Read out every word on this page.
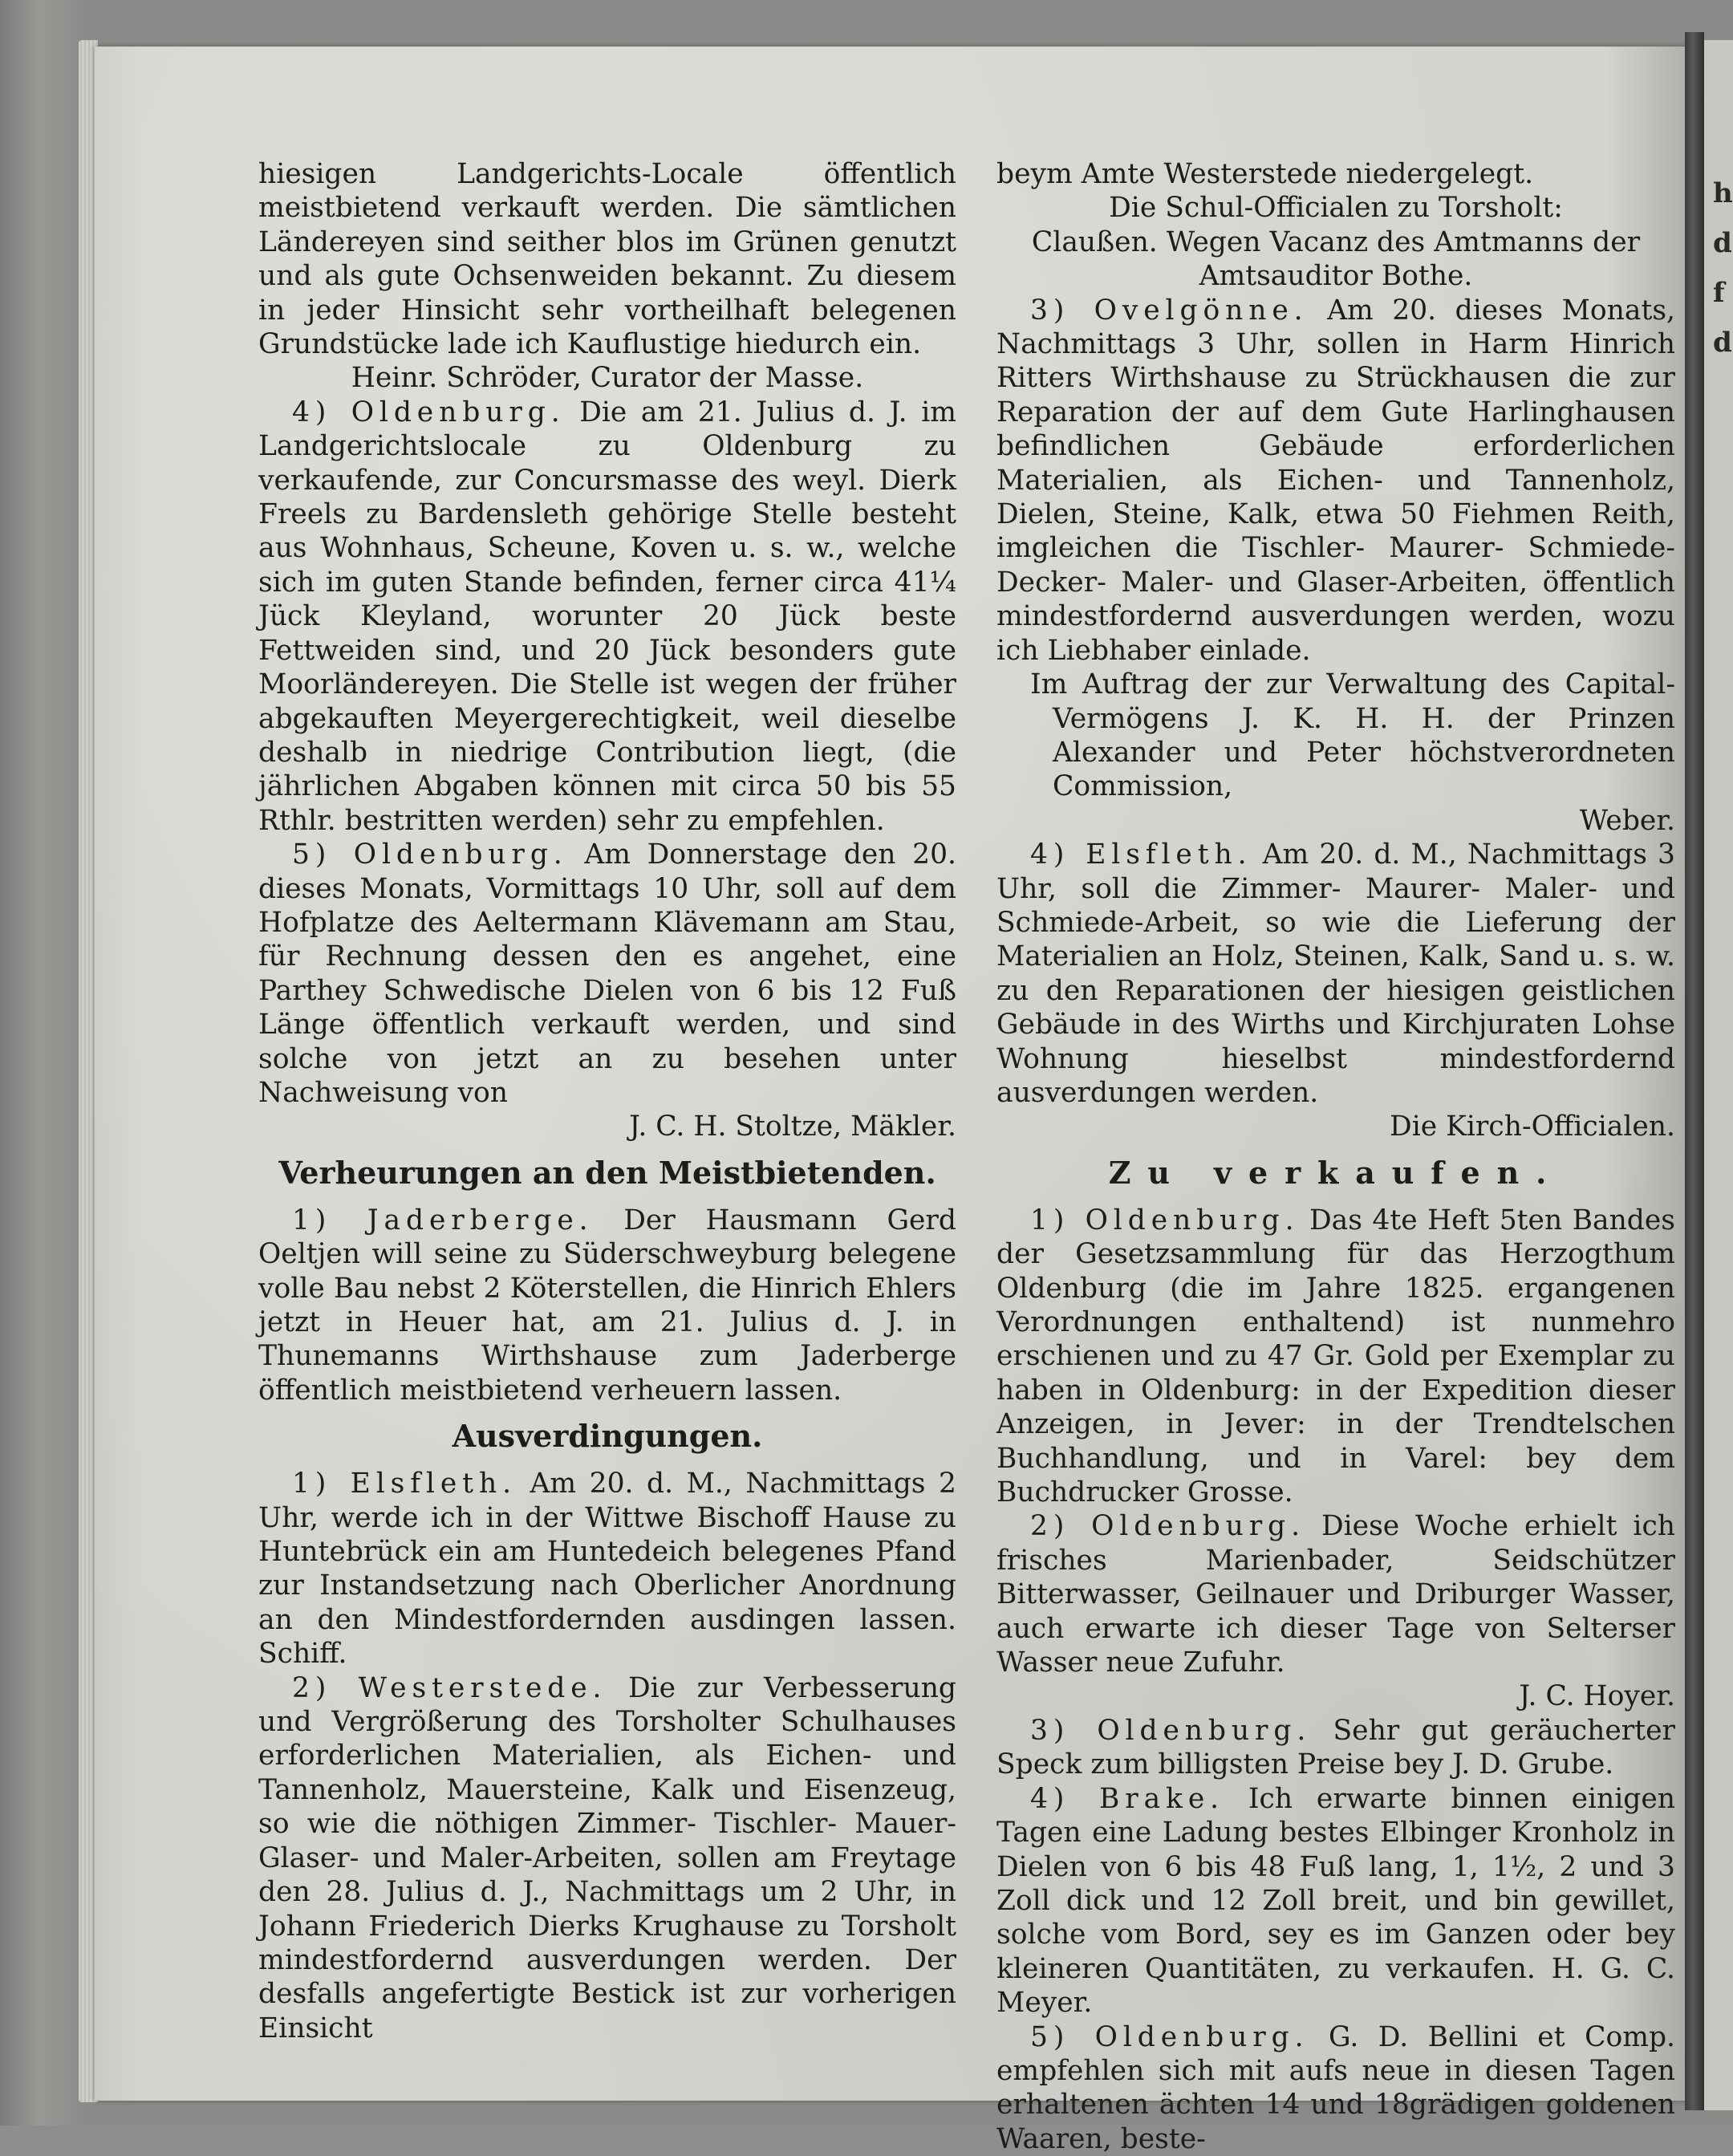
h
d
f
d

hiesigen Landgerichts-Locale öffentlich meistbietend verkauft werden. Die sämtlichen Ländereyen sind seither blos im Grünen genutzt und als gute Ochsenweiden bekannt. Zu diesem in jeder Hinsicht sehr vortheilhaft belegenen Grundstücke lade ich Kauflustige hiedurch ein.

Heinr. Schröder, Curator der Masse.

4) Oldenburg. Die am 21. Julius d. J. im Landgerichtslocale zu Oldenburg zu verkaufende, zur Concursmasse des weyl. Dierk Freels zu Bardensleth gehörige Stelle besteht aus Wohnhaus, Scheune, Koven u. s. w., welche sich im guten Stande befinden, ferner circa 41¼ Jück Kleyland, worunter 20 Jück beste Fettweiden sind, und 20 Jück besonders gute Moorländereyen. Die Stelle ist wegen der früher abgekauften Meyergerechtigkeit, weil dieselbe deshalb in niedrige Contribution liegt, (die jährlichen Abgaben können mit circa 50 bis 55 Rthlr. bestritten werden) sehr zu empfehlen.

5) Oldenburg. Am Donnerstage den 20. dieses Monats, Vormittags 10 Uhr, soll auf dem Hofplatze des Aeltermann Klävemann am Stau, für Rechnung dessen den es angehet, eine Parthey Schwedische Dielen von 6 bis 12 Fuß Länge öffentlich verkauft werden, und sind solche von jetzt an zu besehen unter Nachweisung von

J. C. H. Stoltze, Mäkler.

Verheurungen an den Meistbietenden.

1) Jaderberge. Der Hausmann Gerd Oeltjen will seine zu Süderschweyburg belegene volle Bau nebst 2 Köterstellen, die Hinrich Ehlers jetzt in Heuer hat, am 21. Julius d. J. in Thunemanns Wirthshause zum Jaderberge öffentlich meistbietend verheuern lassen.

Ausverdingungen.

1) Elsfleth. Am 20. d. M., Nachmittags 2 Uhr, werde ich in der Wittwe Bischoff Hause zu Huntebrück ein am Huntedeich belegenes Pfand zur Instandsetzung nach Oberlicher Anordnung an den Mindestfordernden ausdingen lassen. Schiff.

2) Westerstede. Die zur Verbesserung und Vergrößerung des Torsholter Schulhauses erforderlichen Materialien, als Eichen- und Tannenholz, Mauersteine, Kalk und Eisenzeug, so wie die nöthigen Zimmer- Tischler- Mauer- Glaser- und Maler-Arbeiten, sollen am Freytage den 28. Julius d. J., Nachmittags um 2 Uhr, in Johann Friederich Dierks Krughause zu Torsholt mindestfordernd ausverdungen werden. Der desfalls angefertigte Bestick ist zur vorherigen Einsicht

beym Amte Westerstede niedergelegt.

Die Schul-Officialen zu Torsholt:

Claußen. Wegen Vacanz des Amtmanns der Amtsauditor Bothe.

3) Ovelgönne. Am 20. dieses Monats, Nachmittags 3 Uhr, sollen in Harm Hinrich Ritters Wirthshause zu Strückhausen die zur Reparation der auf dem Gute Harlinghausen befindlichen Gebäude erforderlichen Materialien, als Eichen- und Tannenholz, Dielen, Steine, Kalk, etwa 50 Fiehmen Reith, imgleichen die Tischler- Maurer- Schmiede- Decker- Maler- und Glaser-Arbeiten, öffentlich mindestfordernd ausverdungen werden, wozu ich Liebhaber einlade.

Im Auftrag der zur Verwaltung des Capital-Vermögens J. K. H. H. der Prinzen Alexander und Peter höchstverordneten Commission,

Weber.

4) Elsfleth. Am 20. d. M., Nachmittags 3 Uhr, soll die Zimmer- Maurer- Maler- und Schmiede-Arbeit, so wie die Lieferung der Materialien an Holz, Steinen, Kalk, Sand u. s. w. zu den Reparationen der hiesigen geistlichen Gebäude in des Wirths und Kirchjuraten Lohse Wohnung hieselbst mindestfordernd ausverdungen werden.

Die Kirch-Officialen.

Zu verkaufen.

1) Oldenburg. Das 4te Heft 5ten Bandes der Gesetzsammlung für das Herzogthum Oldenburg (die im Jahre 1825. ergangenen Verordnungen enthaltend) ist nunmehro erschienen und zu 47 Gr. Gold per Exemplar zu haben in Oldenburg: in der Expedition dieser Anzeigen, in Jever: in der Trendtelschen Buchhandlung, und in Varel: bey dem Buchdrucker Grosse.

2) Oldenburg. Diese Woche erhielt ich frisches Marienbader, Seidschützer Bitterwasser, Geilnauer und Driburger Wasser, auch erwarte ich dieser Tage von Selterser Wasser neue Zufuhr.

J. C. Hoyer.

3) Oldenburg. Sehr gut geräucherter Speck zum billigsten Preise bey J. D. Grube.

4) Brake. Ich erwarte binnen einigen Tagen eine Ladung bestes Elbinger Kronholz in Dielen von 6 bis 48 Fuß lang, 1, 1½, 2 und 3 Zoll dick und 12 Zoll breit, und bin gewillet, solche vom Bord, sey es im Ganzen oder bey kleineren Quantitäten, zu verkaufen. H. G. C. Meyer.

5) Oldenburg. G. D. Bellini et Comp. empfehlen sich mit aufs neue in diesen Tagen erhaltenen ächten 14 und 18grädigen goldenen Waaren, beste-
